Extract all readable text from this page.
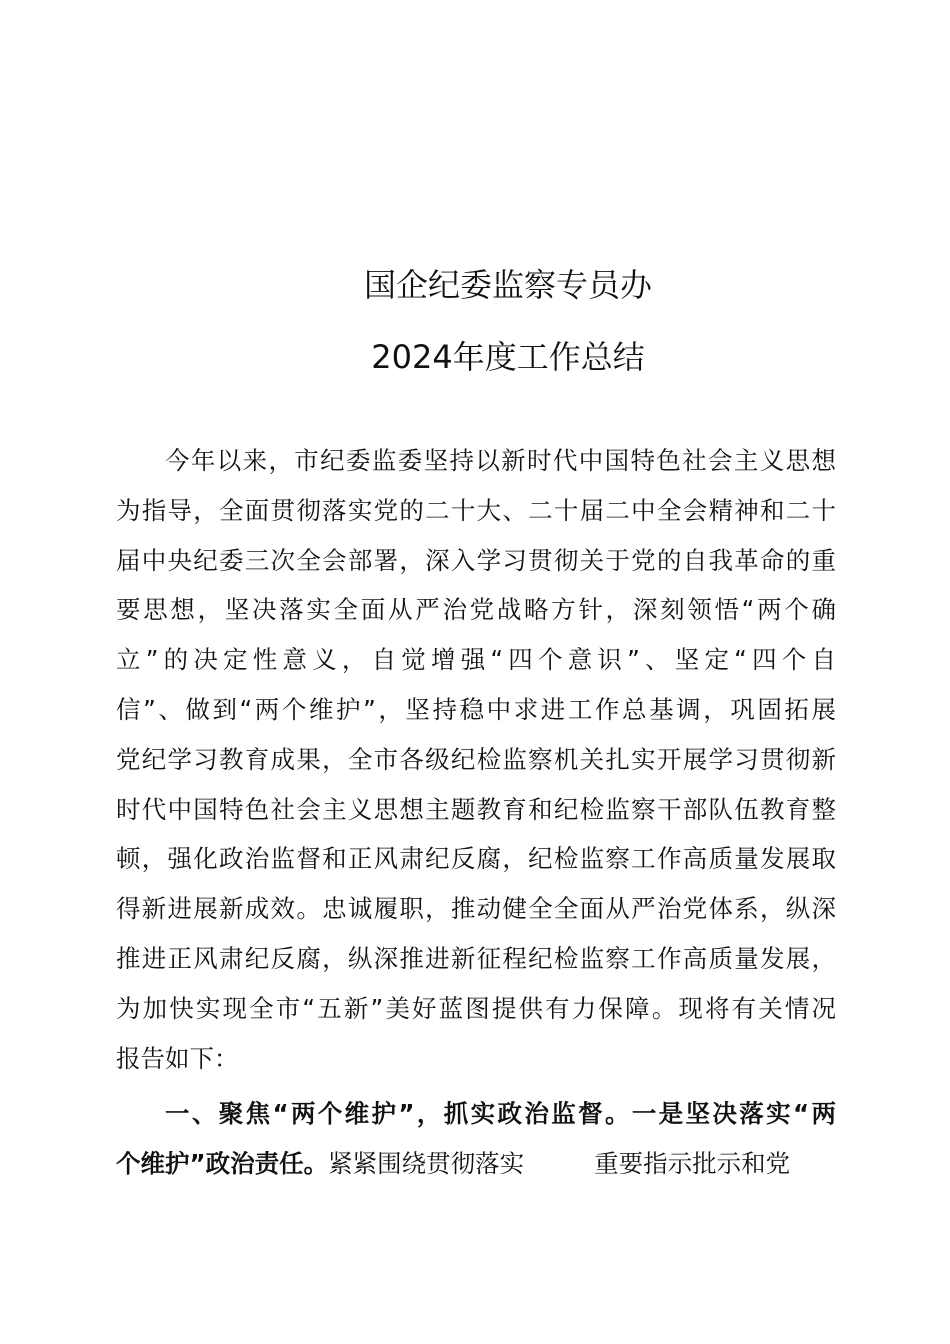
国企纪委监察专员办
2024年度工作总结
今年以来，市纪委监委坚持以新时代中国特色社会主义思想
为指导，全面贯彻落实党的二十大、二十届二中全会精神和二十
届中央纪委三次全会部署，深入学习贯彻关于党的自我革命的重
要思想，坚决落实全面从严治党战略方针，深刻领悟“两个确
立”的决定性意义，自觉增强“四个意识”、坚定“四个自
信”、做到“两个维护”，坚持稳中求进工作总基调，巩固拓展
党纪学习教育成果，全市各级纪检监察机关扎实开展学习贯彻新
时代中国特色社会主义思想主题教育和纪检监察干部队伍教育整
顿，强化政治监督和正风肃纪反腐，纪检监察工作高质量发展取
得新进展新成效。忠诚履职，推动健全全面从严治党体系，纵深
推进正风肃纪反腐，纵深推进新征程纪检监察工作高质量发展，
为加快实现全市“五新”美好蓝图提供有力保障。现将有关情况
报告如下：
一、聚焦“两个维护”，抓实政治监督。一是坚决落实“两
个维护”政治责任。紧紧围绕贯彻落实	重要指示批示和党
